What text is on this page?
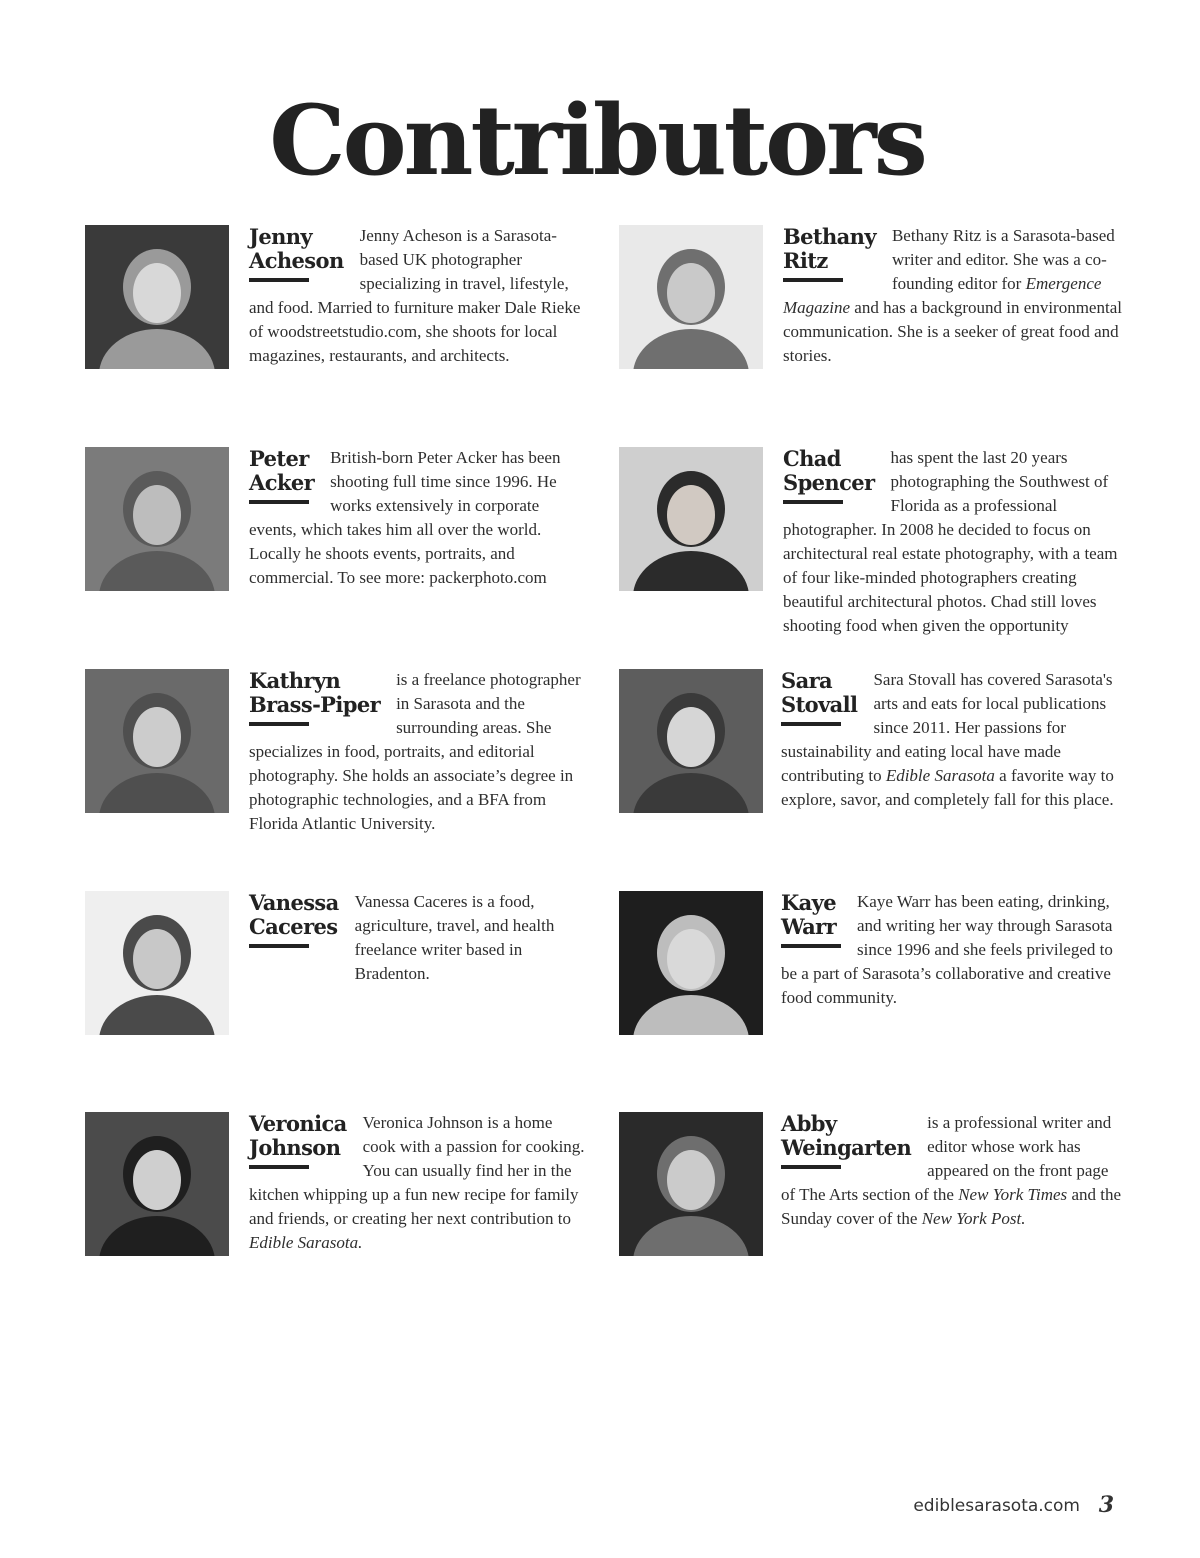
Contributors
Jenny
Acheson

Jenny Acheson is a Sarasota-based UK photographer specializing in travel, lifestyle, and food. Married to furniture maker Dale Rieke of woodstreetstudio.com, she shoots for local magazines, restaurants, and architects.

Bethany
Ritz

Bethany Ritz is a Sarasota-based writer and editor. She was a co-founding editor for Emergence Magazine and has a background in environmental communication. She is a seeker of great food and stories.

Peter
Acker

British-born Peter Acker has been shooting full time since 1996. He works extensively in corporate events, which takes him all over the world. Locally he shoots events, portraits, and commercial. To see more: packerphoto.com

Chad
Spencer

has spent the last 20 years photographing the Southwest of Florida as a professional photographer. In 2008 he decided to focus on architectural real estate photography, with a team of four like-minded photographers creating beautiful architectural photos. Chad still loves shooting food when given the opportunity

Kathryn
Brass-Piper

is a freelance photographer in Sarasota and the surrounding areas. She specializes in food, portraits, and editorial photography. She holds an associate’s degree in photographic technologies, and a BFA from Florida Atlantic University.

Sara
Stovall

Sara Stovall has covered Sarasota's arts and eats for local publications since 2011. Her passions for sustainability and eating local have made contributing to Edible Sarasota a favorite way to explore, savor, and completely fall for this place.

Vanessa
Caceres

Vanessa Caceres is a food, agriculture, travel, and health freelance writer based in Bradenton.

Kaye
Warr

Kaye Warr has been eating, drinking, and writing her way through Sarasota since 1996 and she feels privileged to be a part of Sarasota’s collaborative and creative food community.

Veronica
Johnson

Veronica Johnson is a home cook with a passion for cooking. You can usually find her in the kitchen whipping up a fun new recipe for family and friends, or creating her next contribution to Edible Sarasota.

Abby
Weingarten

is a professional writer and editor whose work has appeared on the front page of The Arts section of the New York Times and the Sunday cover of the New York Post.

ediblesarasota.com 3
